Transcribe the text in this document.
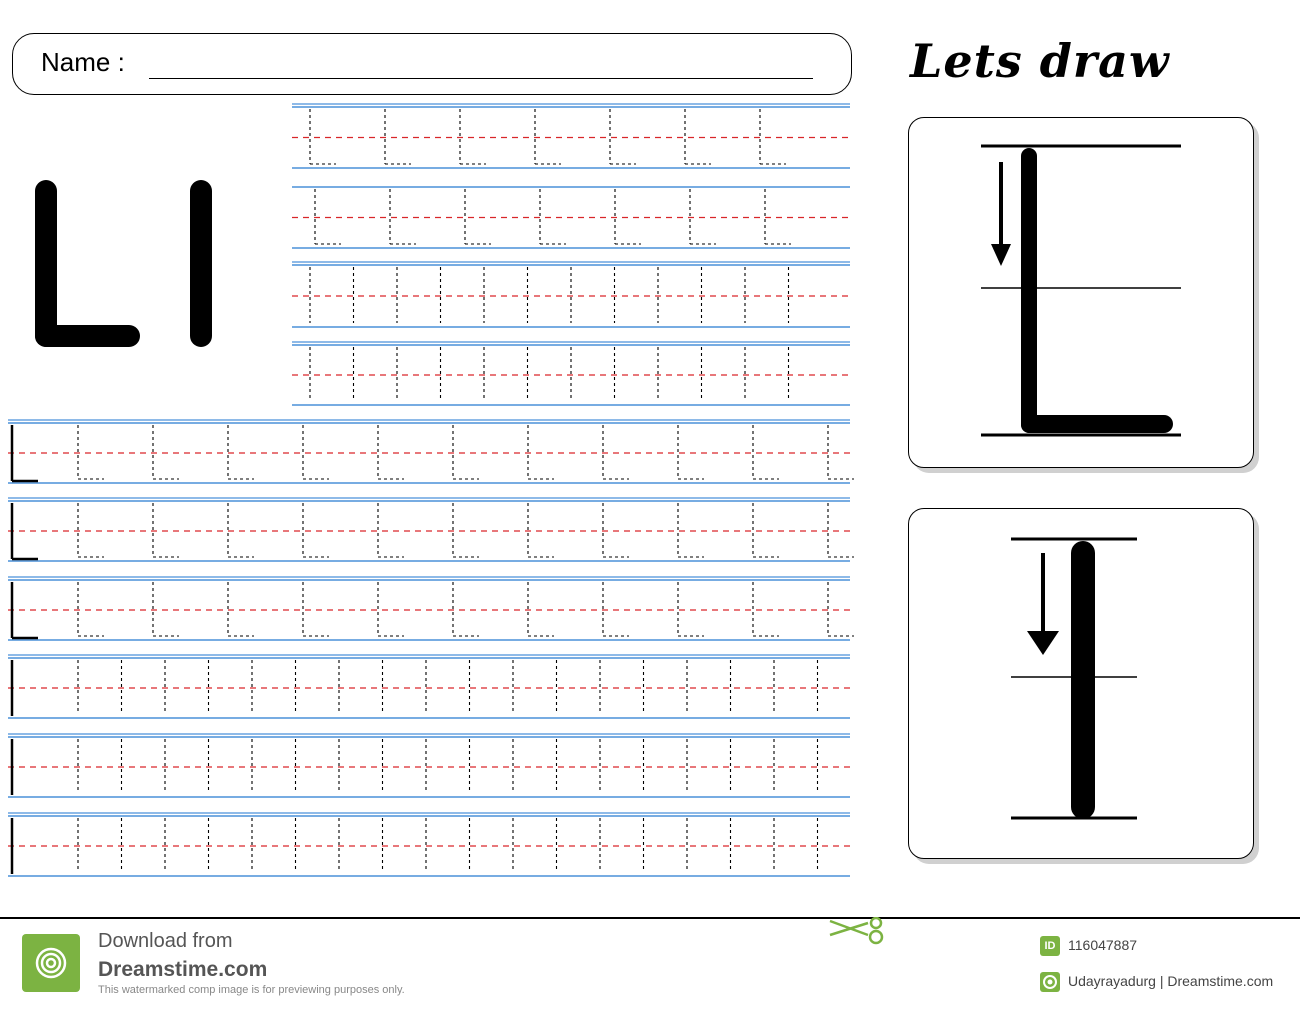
Name :	Lets draw
Download from
Dreamstime.com
This watermarked comp image is for previewing purposes only.
ID 116047887
Udayrayadurg | Dreamstime.com
